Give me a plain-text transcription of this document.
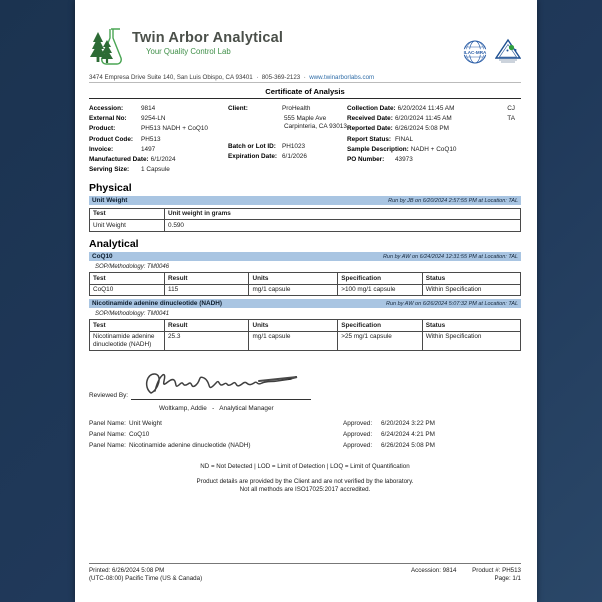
Twin Arbor Analytical
Your Quality Control Lab	ILAC-MRA
3474 Empresa Drive Suite 140, San Luis Obispo, CA 93401 · 805-369-2123 · www.twinarborlabs.com
Certificate of Analysis
Accession:	9814
External No:	9254-LN
Product:	PH513 NADH + CoQ10
Product Code:	PH513
Invoice:	1497
Manufactured Date: 6/1/2024
Serving Size:	1 Capsule
Client:	ProHealth
555 Maple Ave
Carpinteria, CA 93013
Batch or Lot ID: PH1023
Expiration Date: 6/1/2026
Collection Date: 6/20/2024 11:45 AM	CJ
Received Date: 6/20/2024 11:45 AM	TA
Reported Date: 6/26/2024 5:08 PM
Report Status: FINAL
Sample Description: NADH + CoQ10
PO Number:	43973
Physical
Unit Weight	Run by JB on 6/20/2024 2:57:55 PM at Location: TAL
Test	Unit weight in grams
Unit Weight	0.590
Analytical
CoQ10	Run by AW on 6/24/2024 12:31:55 PM at Location: TAL
SOP/Methodology: TM0046
Test	Result	Units	Specification	Status
CoQ10	115	mg/1 capsule	>100 mg/1 capsule	Within Specification
Nicotinamide adenine dinucleotide (NADH)	Run by AW on 6/26/2024 5:07:32 PM at Location: TAL
SOP/Methodology: TM0041
Test	Result	Units	Specification	Status
Nicotinamide adenine dinucleotide (NADH)	25.3	mg/1 capsule	>25 mg/1 capsule	Within Specification
Reviewed By:
Woltkamp, Addie - Analytical Manager
Panel Name: Unit Weight	Approved:	6/20/2024 3:22 PM
Panel Name: CoQ10	Approved:	6/24/2024 4:21 PM
Panel Name: Nicotinamide adenine dinucleotide (NADH)	Approved:	6/26/2024 5:08 PM
ND = Not Detected | LOD = Limit of Detection | LOQ = Limit of Quantification
Product details are provided by the Client and are not verified by the laboratory.
Not all methods are ISO17025:2017 accredited.
Printed: 6/26/2024 5:08 PM
(UTC-08:00) Pacific Time (US & Canada)
Accession: 9814	Product #: PH513
Page: 1/1
